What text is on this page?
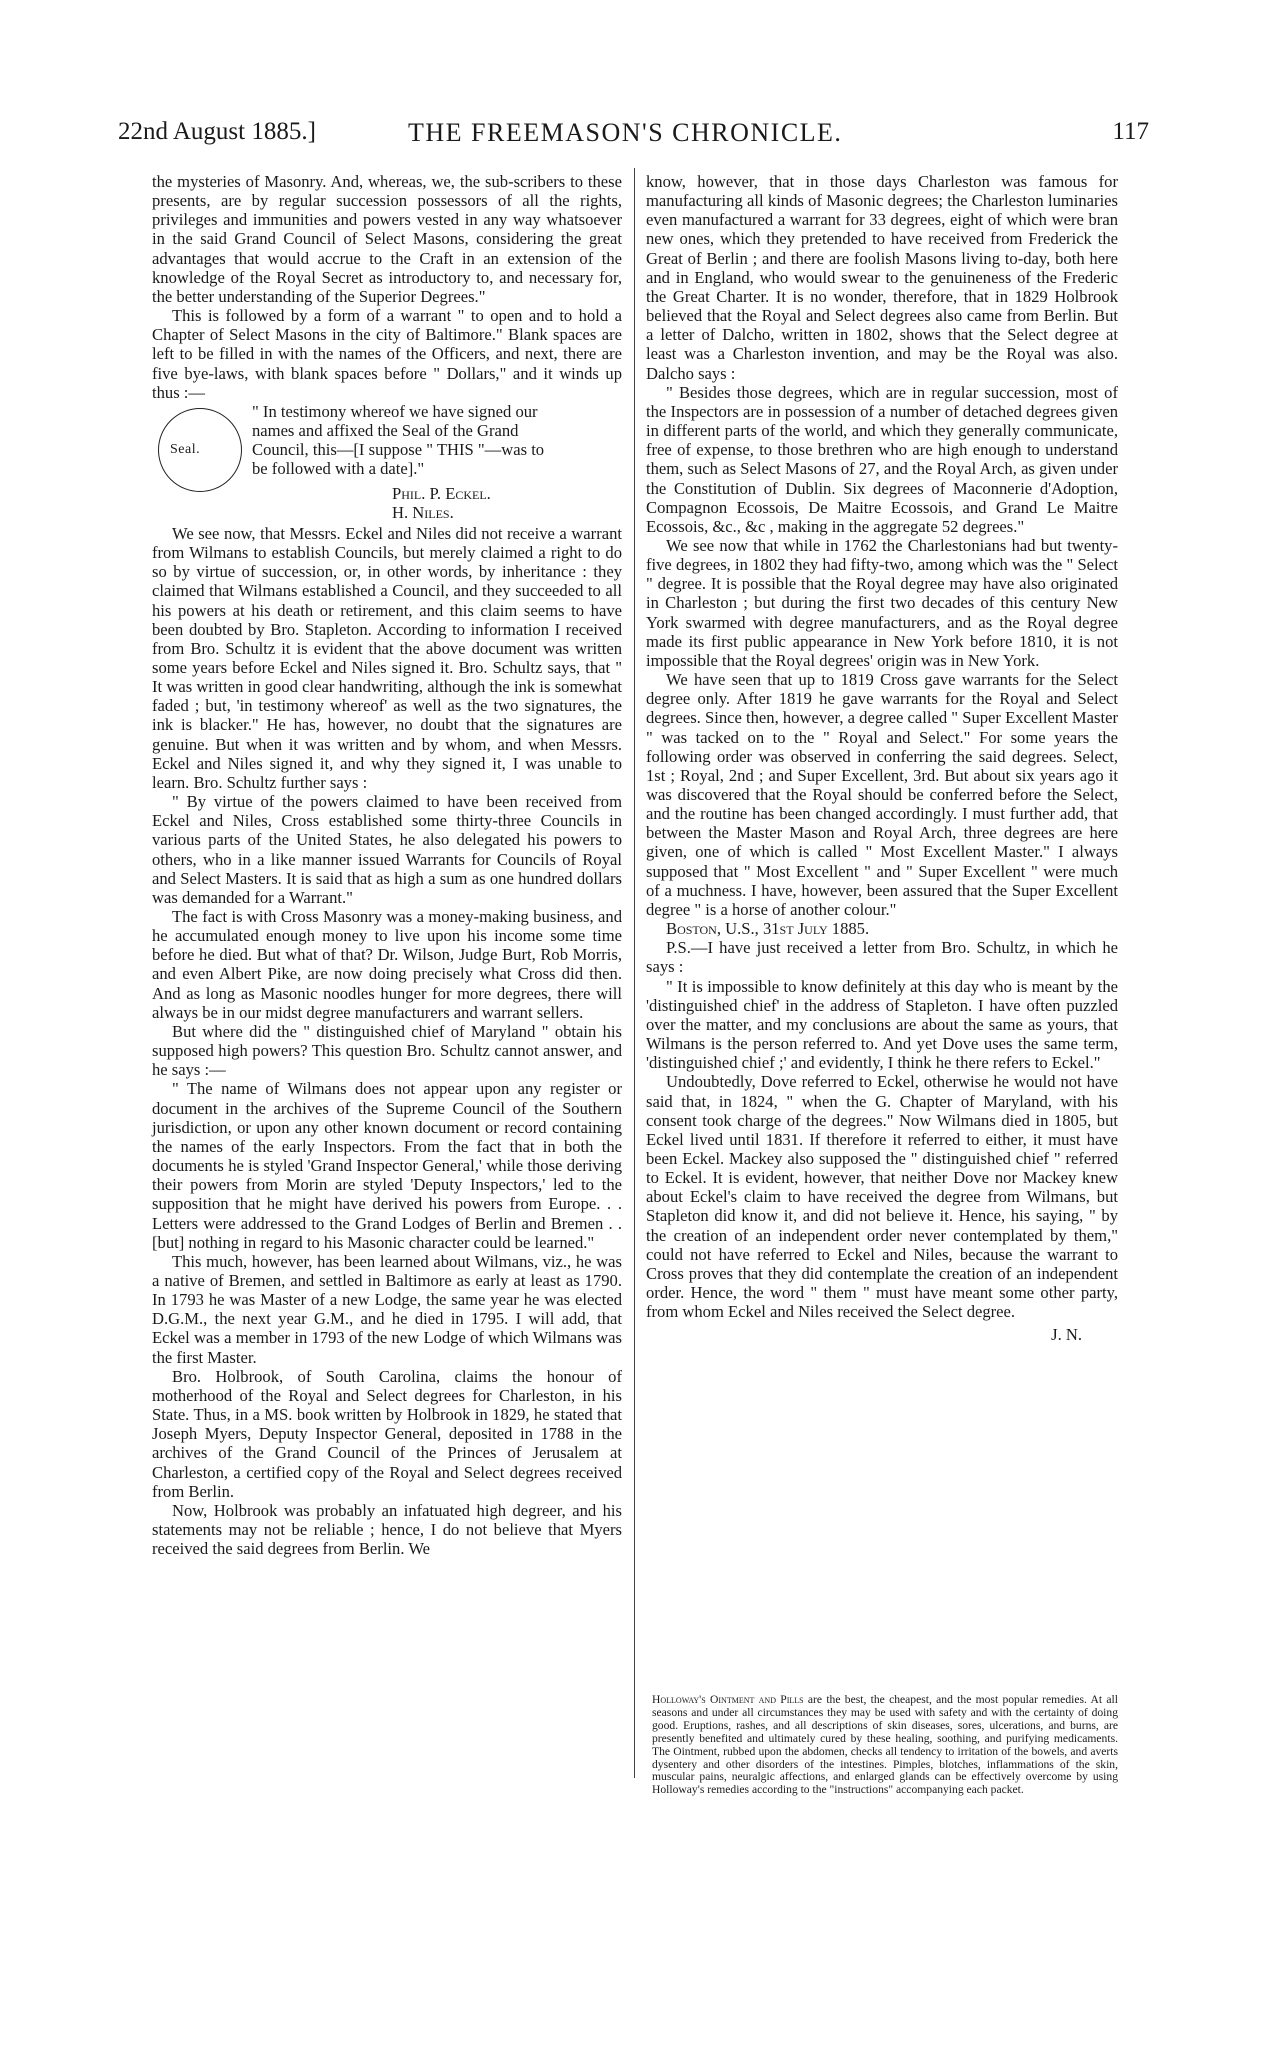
22nd August 1885.]	THE FREEMASON'S CHRONICLE.	117

the mysteries of Masonry. And, whereas, we, the sub-scribers to these presents, are by regular succession possessors of all the rights, privileges and immunities and powers vested in any way whatsoever in the said Grand Council of Select Masons, considering the great advantages that would accrue to the Craft in an extension of the knowledge of the Royal Secret as introductory to, and necessary for, the better understanding of the Superior Degrees."

This is followed by a form of a warrant " to open and to hold a Chapter of Select Masons in the city of Baltimore." Blank spaces are left to be filled in with the names of the Officers, and next, there are five bye-laws, with blank spaces before " Dollars," and it winds up thus :—

Seal.
" In testimony whereof we have signed our
names and affixed the Seal of the Grand
Council, this—[I suppose " THIS "—was to
be followed with a date]."
Phil. P. Eckel.
H. Niles.

We see now, that Messrs. Eckel and Niles did not receive a warrant from Wilmans to establish Councils, but merely claimed a right to do so by virtue of succession, or, in other words, by inheritance : they claimed that Wilmans established a Council, and they succeeded to all his powers at his death or retirement, and this claim seems to have been doubted by Bro. Stapleton. According to information I received from Bro. Schultz it is evident that the above document was written some years before Eckel and Niles signed it. Bro. Schultz says, that " It was written in good clear handwriting, although the ink is somewhat faded ; but, 'in testimony whereof' as well as the two signatures, the ink is blacker." He has, however, no doubt that the signatures are genuine. But when it was written and by whom, and when Messrs. Eckel and Niles signed it, and why they signed it, I was unable to learn. Bro. Schultz further says :

" By virtue of the powers claimed to have been received from Eckel and Niles, Cross established some thirty-three Councils in various parts of the United States, he also delegated his powers to others, who in a like manner issued Warrants for Councils of Royal and Select Masters. It is said that as high a sum as one hundred dollars was demanded for a Warrant."

The fact is with Cross Masonry was a money-making business, and he accumulated enough money to live upon his income some time before he died. But what of that? Dr. Wilson, Judge Burt, Rob Morris, and even Albert Pike, are now doing precisely what Cross did then. And as long as Masonic noodles hunger for more degrees, there will always be in our midst degree manufacturers and warrant sellers.

But where did the " distinguished chief of Maryland " obtain his supposed high powers? This question Bro. Schultz cannot answer, and he says :—

" The name of Wilmans does not appear upon any register or document in the archives of the Supreme Council of the Southern jurisdiction, or upon any other known document or record containing the names of the early Inspectors. From the fact that in both the documents he is styled 'Grand Inspector General,' while those deriving their powers from Morin are styled 'Deputy Inspectors,' led to the supposition that he might have derived his powers from Europe. . . Letters were addressed to the Grand Lodges of Berlin and Bremen . . [but] nothing in regard to his Masonic character could be learned."

This much, however, has been learned about Wilmans, viz., he was a native of Bremen, and settled in Baltimore as early at least as 1790. In 1793 he was Master of a new Lodge, the same year he was elected D.G.M., the next year G.M., and he died in 1795. I will add, that Eckel was a member in 1793 of the new Lodge of which Wilmans was the first Master.

Bro. Holbrook, of South Carolina, claims the honour of motherhood of the Royal and Select degrees for Charleston, in his State. Thus, in a MS. book written by Holbrook in 1829, he stated that Joseph Myers, Deputy Inspector General, deposited in 1788 in the archives of the Grand Council of the Princes of Jerusalem at Charleston, a certified copy of the Royal and Select degrees received from Berlin.

Now, Holbrook was probably an infatuated high degreer, and his statements may not be reliable ; hence, I do not believe that Myers received the said degrees from Berlin. We

know, however, that in those days Charleston was famous for manufacturing all kinds of Masonic degrees; the Charleston luminaries even manufactured a warrant for 33 degrees, eight of which were bran new ones, which they pretended to have received from Frederick the Great of Berlin ; and there are foolish Masons living to-day, both here and in England, who would swear to the genuineness of the Frederic the Great Charter. It is no wonder, therefore, that in 1829 Holbrook believed that the Royal and Select degrees also came from Berlin. But a letter of Dalcho, written in 1802, shows that the Select degree at least was a Charleston invention, and may be the Royal was also. Dalcho says :

" Besides those degrees, which are in regular succession, most of the Inspectors are in possession of a number of detached degrees given in different parts of the world, and which they generally communicate, free of expense, to those brethren who are high enough to understand them, such as Select Masons of 27, and the Royal Arch, as given under the Constitution of Dublin. Six degrees of Maconnerie d'Adoption, Compagnon Ecossois, De Maitre Ecossois, and Grand Le Maitre Ecossois, &c., &c , making in the aggregate 52 degrees."

We see now that while in 1762 the Charlestonians had but twenty-five degrees, in 1802 they had fifty-two, among which was the " Select " degree. It is possible that the Royal degree may have also originated in Charleston ; but during the first two decades of this century New York swarmed with degree manufacturers, and as the Royal degree made its first public appearance in New York before 1810, it is not impossible that the Royal degrees' origin was in New York.

We have seen that up to 1819 Cross gave warrants for the Select degree only. After 1819 he gave warrants for the Royal and Select degrees. Since then, however, a degree called " Super Excellent Master " was tacked on to the " Royal and Select." For some years the following order was observed in conferring the said degrees. Select, 1st ; Royal, 2nd ; and Super Excellent, 3rd. But about six years ago it was discovered that the Royal should be conferred before the Select, and the routine has been changed accordingly. I must further add, that between the Master Mason and Royal Arch, three degrees are here given, one of which is called " Most Excellent Master." I always supposed that " Most Excellent " and " Super Excellent " were much of a muchness. I have, however, been assured that the Super Excellent degree " is a horse of another colour."

Boston, U.S., 31st July 1885.

P.S.—I have just received a letter from Bro. Schultz, in which he says :

" It is impossible to know definitely at this day who is meant by the 'distinguished chief' in the address of Stapleton. I have often puzzled over the matter, and my conclusions are about the same as yours, that Wilmans is the person referred to. And yet Dove uses the same term, 'distinguished chief ;' and evidently, I think he there refers to Eckel."

Undoubtedly, Dove referred to Eckel, otherwise he would not have said that, in 1824, " when the G. Chapter of Maryland, with his consent took charge of the degrees." Now Wilmans died in 1805, but Eckel lived until 1831. If therefore it referred to either, it must have been Eckel. Mackey also supposed the " distinguished chief " referred to Eckel. It is evident, however, that neither Dove nor Mackey knew about Eckel's claim to have received the degree from Wilmans, but Stapleton did know it, and did not believe it. Hence, his saying, " by the creation of an independent order never contemplated by them," could not have referred to Eckel and Niles, because the warrant to Cross proves that they did contemplate the creation of an independent order. Hence, the word " them " must have meant some other party, from whom Eckel and Niles received the Select degree.

J. N.
Holloway's Ointment and Pills are the best, the cheapest, and the most popular remedies. At all seasons and under all circumstances they may be used with safety and with the certainty of doing good. Eruptions, rashes, and all descriptions of skin diseases, sores, ulcerations, and burns, are presently benefited and ultimately cured by these healing, soothing, and purifying medicaments. The Ointment, rubbed upon the abdomen, checks all tendency to irritation of the bowels, and averts dysentery and other disorders of the intestines. Pimples, blotches, inflammations of the skin, muscular pains, neuralgic affections, and enlarged glands can be effectively overcome by using Holloway's remedies according to the "instructions" accompanying each packet.
